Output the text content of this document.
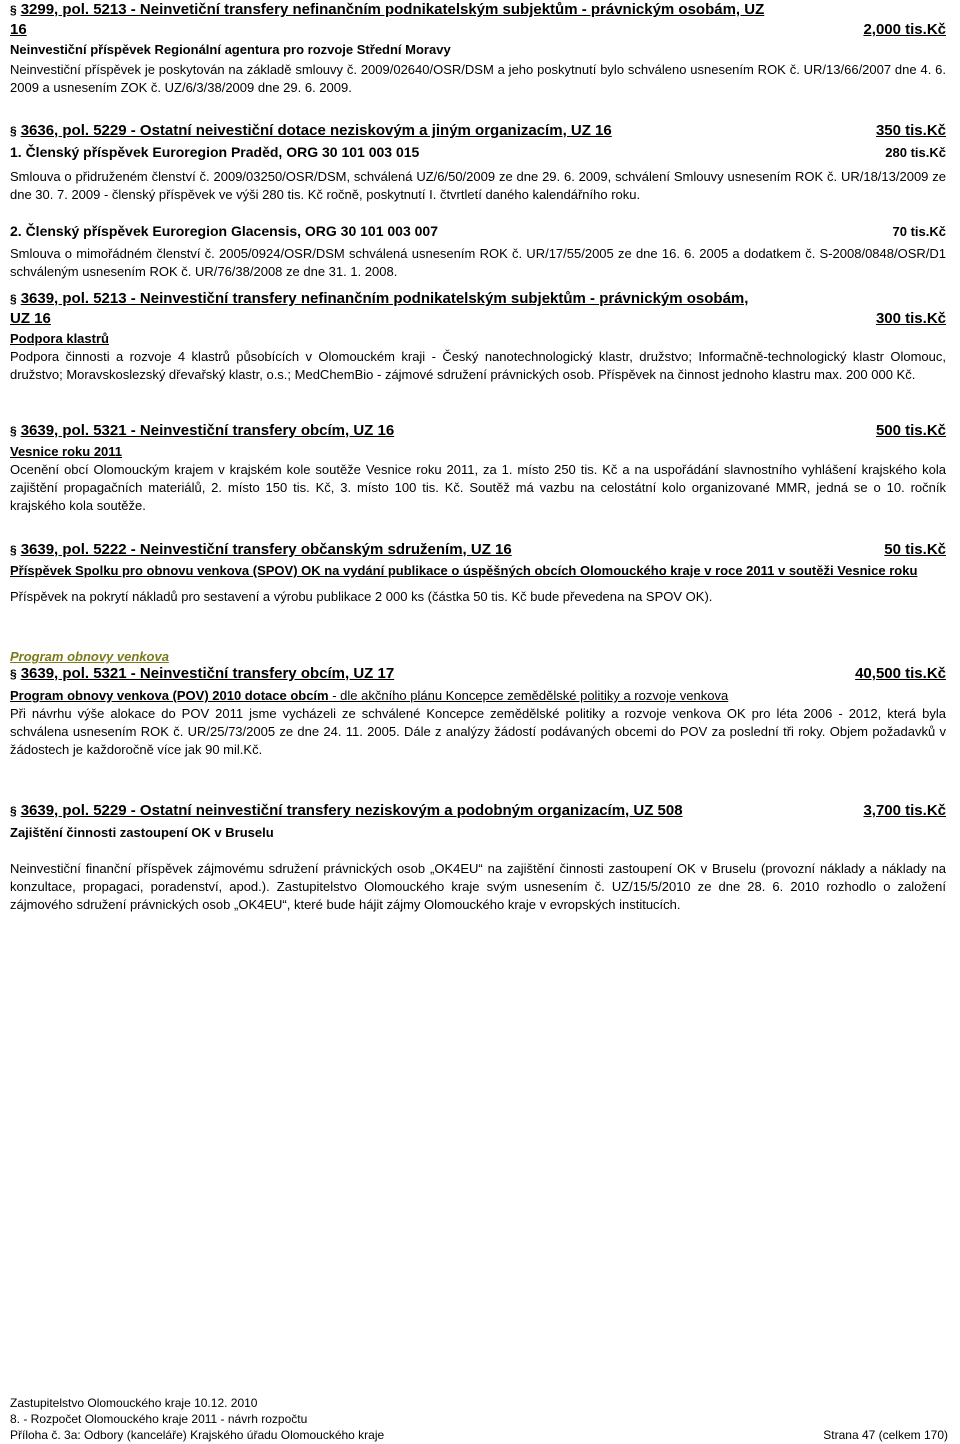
§ 3299, pol. 5213 - Neinvetiční transfery nefinančním podnikatelským subjektům - právnickým osobám, UZ
16	2,000 tis.Kč
Neinvestiční příspěvek Regionální agentura pro rozvoje Střední Moravy
Neinvestiční příspěvek je poskytován na základě smlouvy č. 2009/02640/OSR/DSM a jeho poskytnutí bylo schváleno usnesením ROK č. UR/13/66/2007 dne 4. 6. 2009 a usnesením ZOK č. UZ/6/3/38/2009 dne 29. 6. 2009.
§ 3636, pol. 5229 - Ostatní neivestiční dotace neziskovým a jiným organizacím, UZ 16	350 tis.Kč
1. Členský příspěvek Euroregion Praděd, ORG 30 101 003 015	280 tis.Kč
Smlouva o přidruženém členství č. 2009/03250/OSR/DSM, schválená UZ/6/50/2009 ze dne 29. 6. 2009, schválení Smlouvy usnesením ROK č. UR/18/13/2009 ze dne 30. 7. 2009 - členský příspěvek ve výši 280 tis. Kč ročně, poskytnutí I. čtvrtletí daného kalendářního roku.
2. Členský příspěvek Euroregion Glacensis, ORG 30 101 003 007	70 tis.Kč
Smlouva o mimořádném členství č. 2005/0924/OSR/DSM schválená usnesením ROK č. UR/17/55/2005 ze dne 16. 6. 2005 a dodatkem č. S-2008/0848/OSR/D1 schváleným usnesením ROK č. UR/76/38/2008 ze dne 31. 1. 2008.
§ 3639, pol. 5213 - Neinvestiční transfery nefinančním podnikatelským subjektům - právnickým osobám,
UZ 16	300 tis.Kč
Podpora klastrů
Podpora činnosti a rozvoje 4 klastrů působících v Olomouckém kraji - Český nanotechnologický klastr, družstvo; Informačně-technologický klastr Olomouc, družstvo; Moravskoslezský dřevařský klastr, o.s.; MedChemBio - zájmové sdružení právnických osob. Příspěvek na činnost jednoho klastru max. 200 000 Kč.
§ 3639, pol. 5321 - Neinvestiční transfery obcím, UZ 16	500 tis.Kč
Vesnice roku 2011
Ocenění obcí Olomouckým krajem v krajském kole soutěže Vesnice roku 2011, za 1. místo 250 tis. Kč a na uspořádání slavnostního vyhlášení krajského kola zajištění propagačních materiálů, 2. místo 150 tis. Kč, 3. místo 100 tis. Kč. Soutěž má vazbu na celostátní kolo organizované MMR, jedná se o 10. ročník krajského kola soutěže.
§ 3639, pol. 5222 - Neinvestiční transfery občanským sdružením, UZ 16	50 tis.Kč
Příspěvek Spolku pro obnovu venkova (SPOV) OK na vydání publikace o úspěšných obcích Olomouckého kraje v roce 2011 v soutěži Vesnice roku
Příspěvek na pokrytí nákladů pro sestavení a výrobu publikace 2 000 ks (částka 50 tis. Kč bude převedena na SPOV OK).
Program obnovy venkova
§ 3639, pol. 5321 - Neinvestiční transfery obcím, UZ 17	40,500 tis.Kč
Program obnovy venkova (POV) 2010 dotace obcím - dle akčního plánu Koncepce zemědělské politiky a rozvoje venkova
Při návrhu výše alokace do POV 2011 jsme vycházeli ze schválené Koncepce zemědělské politiky a rozvoje venkova OK pro léta 2006 - 2012, která byla schválena usnesením ROK č. UR/25/73/2005 ze dne 24. 11. 2005. Dále z analýzy žádostí podávaných obcemi do POV za poslední tři roky. Objem požadavků v žádostech je každoročně více jak 90 mil.Kč.
§ 3639, pol. 5229 - Ostatní neinvestiční transfery neziskovým a podobným organizacím, UZ 508	3,700 tis.Kč
Zajištění činnosti zastoupení OK v Bruselu
Neinvestiční finanční příspěvek zájmovému sdružení právnických osob „OK4EU“ na zajištění činnosti zastoupení OK v Bruselu (provozní náklady a náklady na konzultace, propagaci, poradenství, apod.). Zastupitelstvo Olomouckého kraje svým usnesením č. UZ/15/5/2010 ze dne 28. 6. 2010 rozhodlo o založení zájmového sdružení právnických osob „OK4EU“, které bude hájit zájmy Olomouckého kraje v evropských institucích.
Zastupitelstvo Olomouckého kraje 10.12. 2010
8. - Rozpočet Olomouckého kraje 2011 - návrh rozpočtu
Příloha č. 3a: Odbory (kanceláře) Krajského úřadu Olomouckého kraje	Strana 47 (celkem 170)
